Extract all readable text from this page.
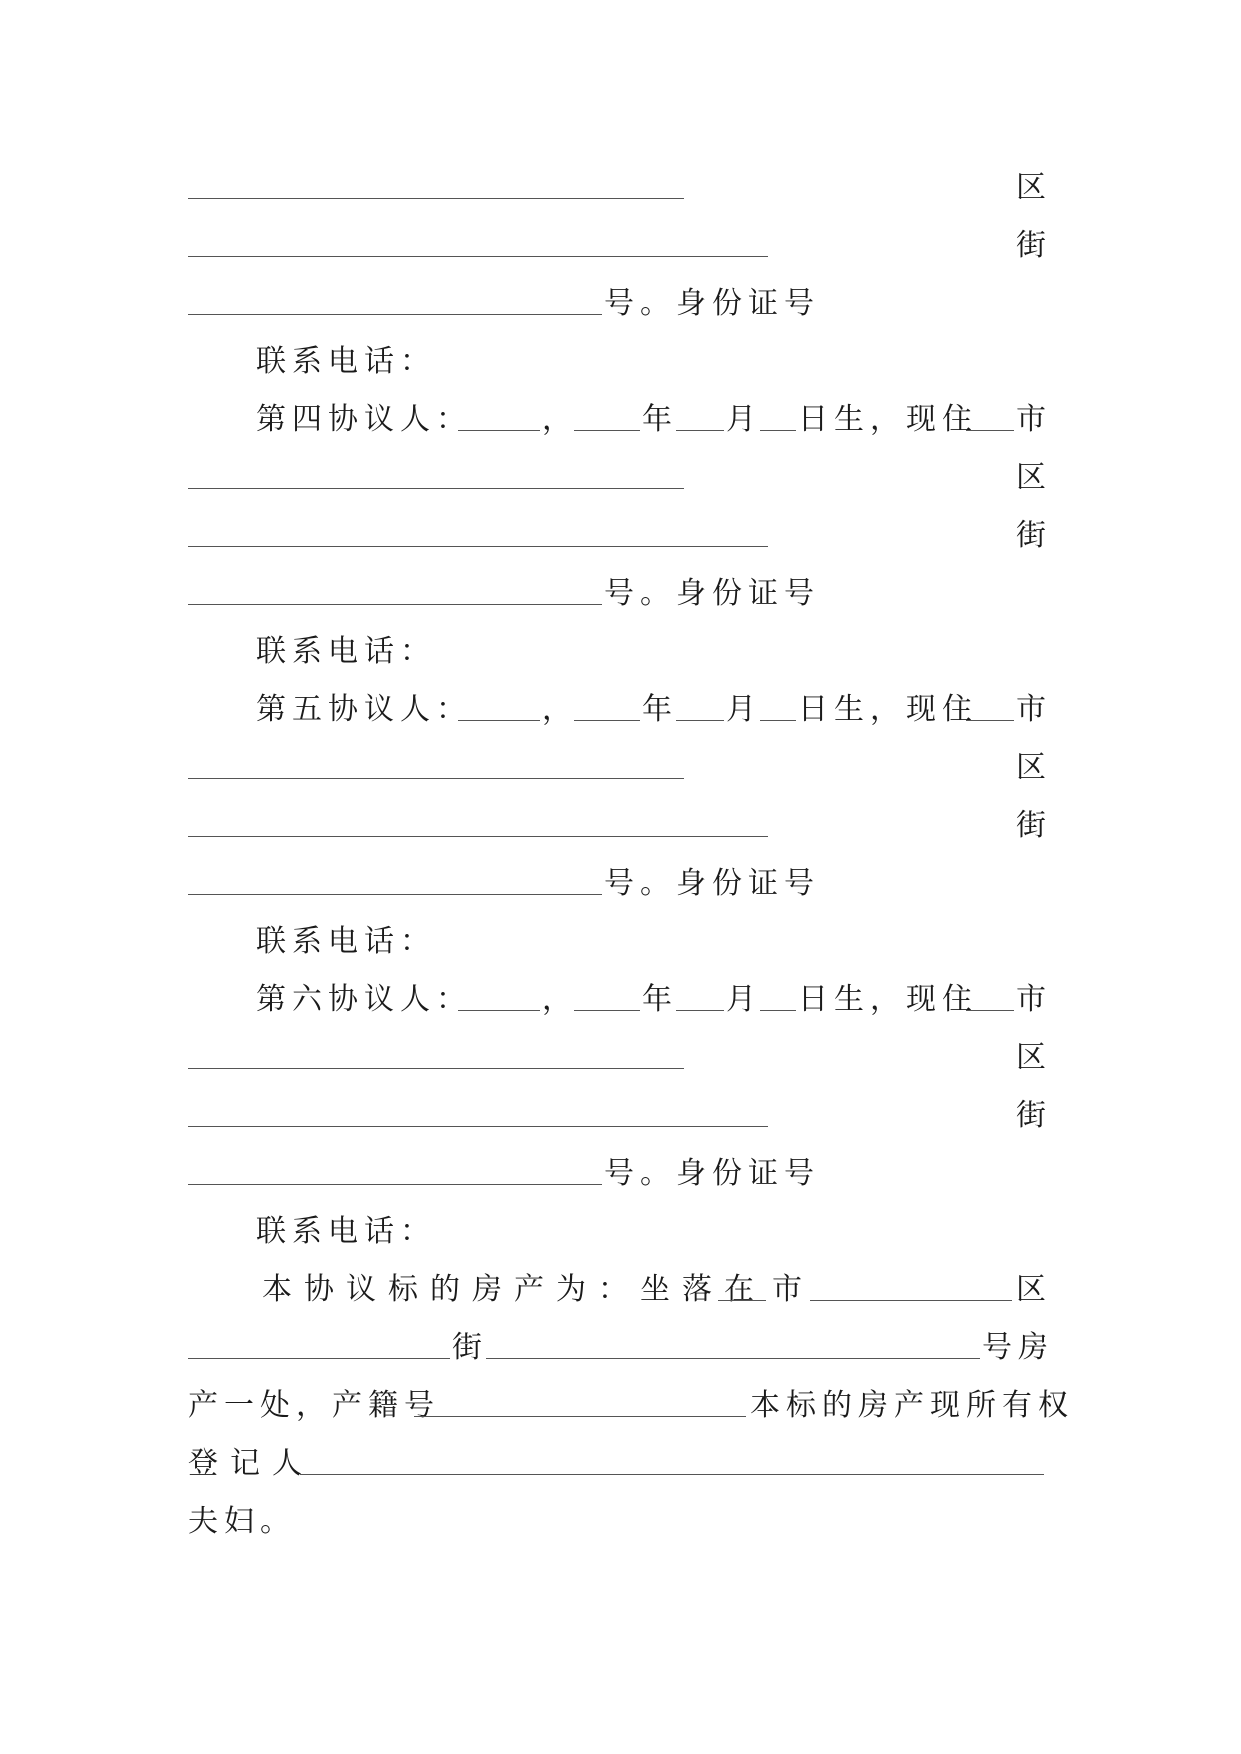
区
街
号。身份证号
联系电话：
第四协议人： ， 年 月 日生，现住 市
区
街
号。身份证号
联系电话：
第五协议人： ， 年 月 日生，现住 市
区
街
号。身份证号
联系电话：
第六协议人： ， 年 月 日生，现住 市
区
街
号。身份证号
联系电话：
本协议标的房产为：坐落在 市	区
街	号房
产一处，产籍号	本标的房产现所有权
登记人
夫妇。
